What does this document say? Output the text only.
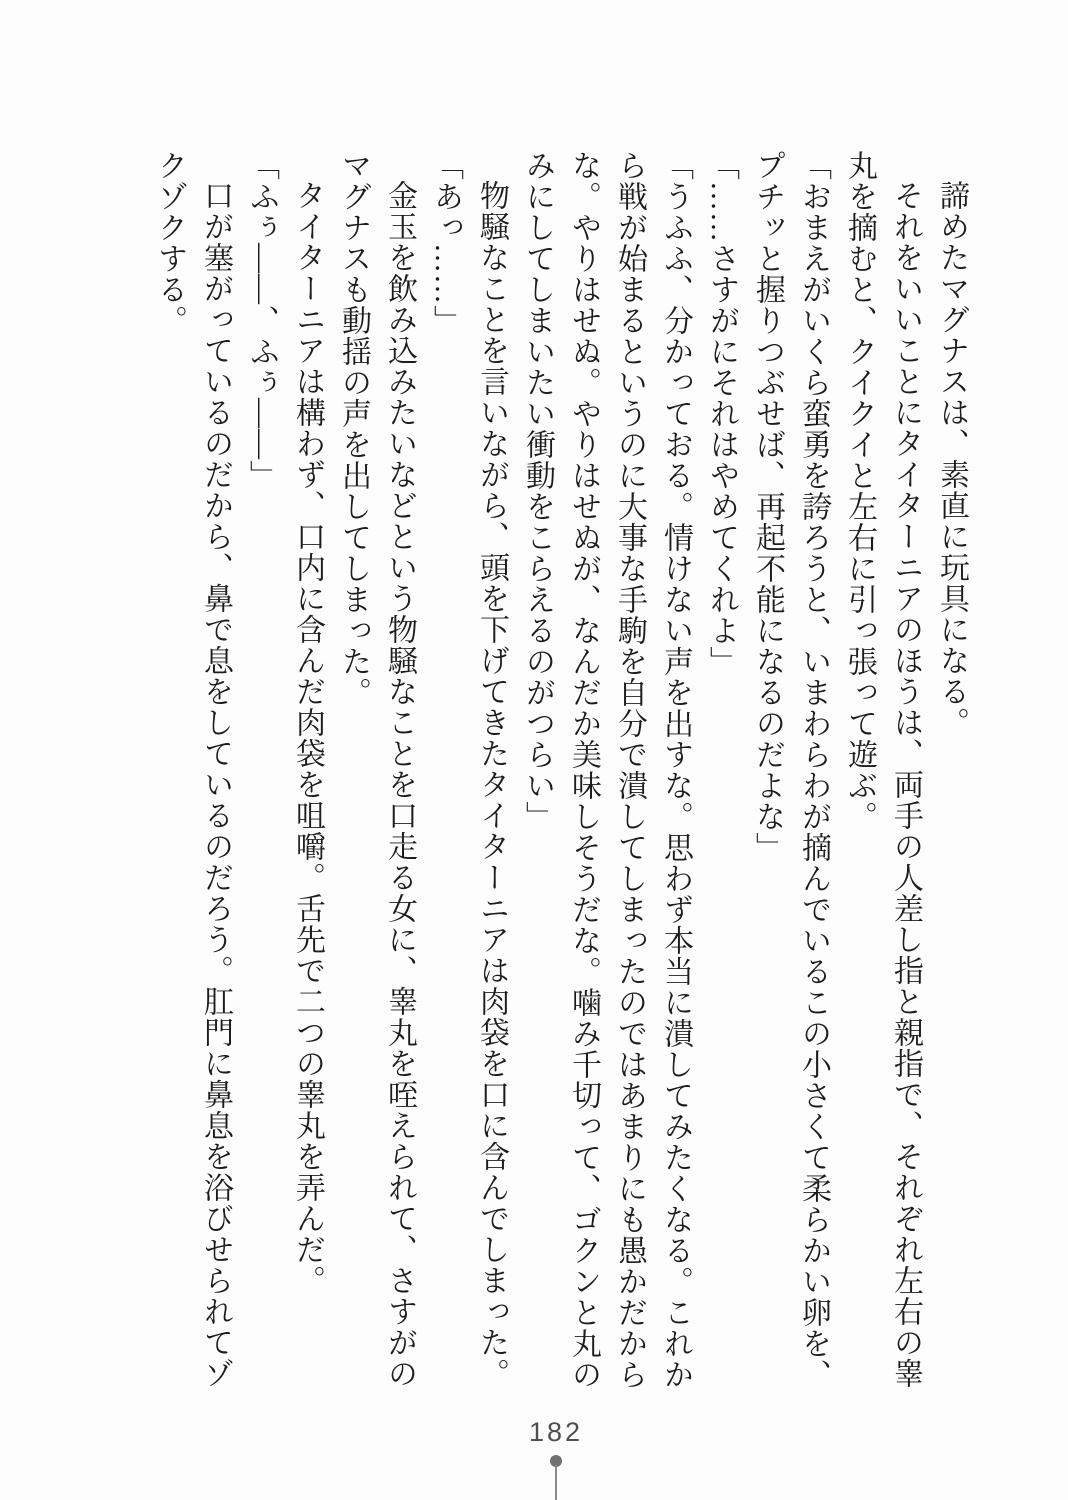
諦めたマグナスは、素直に玩具になる。

それをいいことにタイターニアのほうは、両手の人差し指と親指で、それぞれ左右の睾丸を摘むと、クイクイと左右に引っ張って遊ぶ。

「おまえがいくら蛮勇を誇ろうと、いまわらわが摘んでいるこの小さくて柔らかい卵を、プチッと握りつぶせば、再起不能になるのだよな」

「……さすがにそれはやめてくれよ」

「うふふ、分かっておる。情けない声を出すな。思わず本当に潰してみたくなる。これから戦が始まるというのに大事な手駒を自分で潰してしまったのではあまりにも愚かだからな。やりはせぬ。やりはせぬが、なんだか美味しそうだな。噛み千切って、ゴクンと丸のみにしてしまいたい衝動をこらえるのがつらい」

物騒なことを言いながら、頭を下げてきたタイターニアは肉袋を口に含んでしまった。

「あっ……」

金玉を飲み込みたいなどという物騒なことを口走る女に、睾丸を咥えられて、さすがのマグナスも動揺の声を出してしまった。

タイターニアは構わず、口内に含んだ肉袋を咀嚼。舌先で二つの睾丸を弄んだ。

「ふぅ――、ふぅ――」

口が塞がっているのだから、鼻で息をしているのだろう。肛門に鼻息を浴びせられてゾクゾクする。

182
